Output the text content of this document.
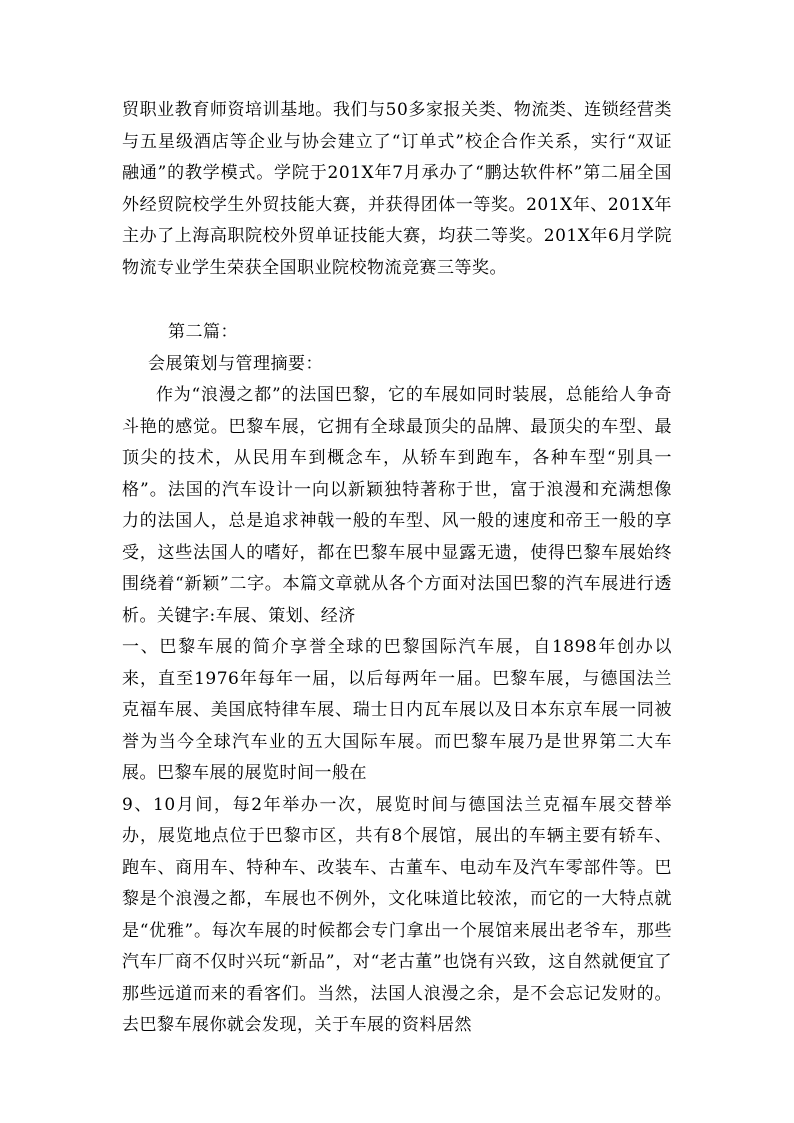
贸职业教育师资培训基地。我们与50多家报关类、物流类、连锁经营类与五星级酒店等企业与协会建立了“订单式”校企合作关系，实行“双证融通”的教学模式。学院于201X年7月承办了“鹏达软件杯”第二届全国外经贸院校学生外贸技能大赛，并获得团体一等奖。201X年、201X年主办了上海高职院校外贸单证技能大赛，均获二等奖。201X年6月学院物流专业学生荣获全国职业院校物流竞赛三等奖。

第二篇：

会展策划与管理摘要：

作为“浪漫之都”的法国巴黎，它的车展如同时装展，总能给人争奇斗艳的感觉。巴黎车展，它拥有全球最顶尖的品牌、最顶尖的车型、最顶尖的技术，从民用车到概念车，从轿车到跑车，各种车型“别具一格”。法国的汽车设计一向以新颖独特著称于世，富于浪漫和充满想像力的法国人，总是追求神戟一般的车型、风一般的速度和帝王一般的享受，这些法国人的嗜好，都在巴黎车展中显露无遗，使得巴黎车展始终围绕着“新颖”二字。本篇文章就从各个方面对法国巴黎的汽车展进行透析。关键字:车展、策划、经济

一、巴黎车展的简介享誉全球的巴黎国际汽车展，自1898年创办以来，直至1976年每年一届，以后每两年一届。巴黎车展，与德国法兰克福车展、美国底特律车展、瑞士日内瓦车展以及日本东京车展一同被誉为当今全球汽车业的五大国际车展。而巴黎车展乃是世界第二大车展。巴黎车展的展览时间一般在

9、10月间，每2年举办一次，展览时间与德国法兰克福车展交替举办，展览地点位于巴黎市区，共有8个展馆，展出的车辆主要有轿车、跑车、商用车、特种车、改装车、古董车、电动车及汽车零部件等。巴黎是个浪漫之都，车展也不例外，文化味道比较浓，而它的一大特点就是“优雅”。每次车展的时候都会专门拿出一个展馆来展出老爷车，那些汽车厂商不仅时兴玩“新品”，对“老古董”也饶有兴致，这自然就便宜了那些远道而来的看客们。当然，法国人浪漫之余，是不会忘记发财的。去巴黎车展你就会发现，关于车展的资料居然
